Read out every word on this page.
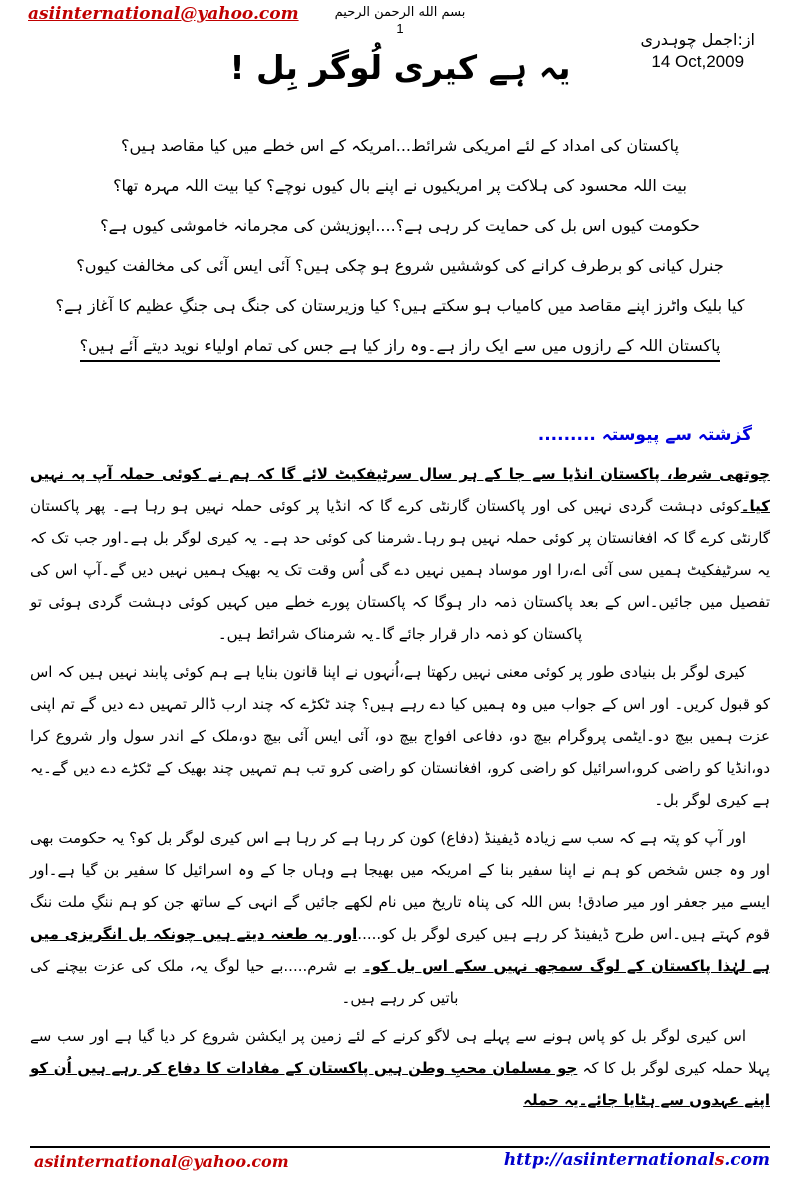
asiinternational@yahoo.com	بسم الله الرحمن الرحيم
1
از:اجمل چوہدری
14 Oct,2009
یہ ہے کیری لُوگر بِل !
پاکستان کی امداد کے لئے امریکی شرائط...امریکہ کے اس خطے میں کیا مقاصد ہیں؟
بیت اللہ محسود کی ہلاکت پر امریکیوں نے اپنے بال کیوں نوچے؟ کیا بیت اللہ مہرہ تھا؟
حکومت کیوں اس بل کی حمایت کر رہی ہے؟....اپوزیشن کی مجرمانہ خاموشی کیوں ہے؟
جنرل کیانی کو برطرف کرانے کی کوششیں شروع ہو چکی ہیں؟ آئی ایس آئی کی مخالفت کیوں؟
کیا بلیک واٹرز اپنے مقاصد میں کامیاب ہو سکتے ہیں؟ کیا وزیرستان کی جنگ ہی جنگِ عظیم کا آغاز ہے؟
پاکستان اللہ کے رازوں میں سے ایک راز ہے۔وہ راز کیا ہے جس کی تمام اولیاء نوید دیتے آئے ہیں؟
گزشتہ سے پیوستہ .........

چوتھی شرط، پاکستان انڈیا سے جا کے ہر سال سرٹیفکیٹ لائے گا کہ ہم نے کوئی حملہ آپ پہ نہیں کیا۔کوئی دہشت گردی نہیں کی اور پاکستان گارنٹی کرے گا کہ انڈیا پر کوئی حملہ نہیں ہو رہا ہے۔ پھر پاکستان گارنٹی کرے گا کہ افغانستان پر کوئی حملہ نہیں ہو رہا۔شرمنا کی کوئی حد ہے۔ یہ کیری لوگر بل ہے۔اور جب تک کہ یہ سرٹیفکیٹ ہمیں سی آئی اے،را اور موساد ہمیں نہیں دے گی اُس وقت تک یہ بھیک ہمیں نہیں دیں گے۔آپ اس کی تفصیل میں جائیں۔اس کے بعد پاکستان ذمہ دار ہوگا کہ پاکستان پورے خطے میں کہیں کوئی دہشت گردی ہوئی تو پاکستان کو ذمہ دار قرار جائے گا۔یہ شرمناک شرائط ہیں۔

کیری لوگر بل بنیادی طور پر کوئی معنی نہیں رکھتا ہے،اُنہوں نے اپنا قانون بنایا ہے ہم کوئی پابند نہیں ہیں کہ اس کو قبول کریں۔ اور اس کے جواب میں وہ ہمیں کیا دے رہے ہیں؟ چند ٹکڑے کہ چند ارب ڈالر تمہیں دے دیں گے تم اپنی عزت ہمیں بیچ دو۔ایٹمی پروگرام بیچ دو، دفاعی افواج بیچ دو، آئی ایس آئی بیچ دو،ملک کے اندر سول وار شروع کرا دو،انڈیا کو راضی کرو،اسرائیل کو راضی کرو، افغانستان کو راضی کرو تب ہم تمہیں چند بھیک کے ٹکڑے دے دیں گے۔یہ ہے کیری لوگر بل۔

اور آپ کو پتہ ہے کہ سب سے زیادہ ڈیفینڈ (دفاع) کون کر رہا ہے کر رہا ہے اس کیری لوگر بل کو؟ یہ حکومت بھی اور وہ جس شخص کو ہم نے اپنا سفیر بنا کے امریکہ میں بھیجا ہے وہاں جا کے وہ اسرائیل کا سفیر بن گیا ہے۔اور ایسے میر جعفر اور میر صادق! بس اللہ کی پناہ تاریخ میں نام لکھے جائیں گے انہی کے ساتھ جن کو ہم ننگِ ملت ننگ قوم کہتے ہیں۔اس طرح ڈیفینڈ کر رہے ہیں کیری لوگر بل کو.....اور یہ طعنہ دیتے ہیں چونکہ بل انگریزی میں ہے لہٰذا پاکستان کے لوگ سمجھ نہیں سکے اس بل کو۔ بے شرم.....بے حیا لوگ یہ، ملک کی عزت بیچنے کی باتیں کر رہے ہیں۔

اس کیری لوگر بل کو پاس ہونے سے پہلے ہی لاگو کرنے کے لئے زمین پر ایکشن شروع کر دیا گیا ہے اور سب سے پہلا حملہ کیری لوگر بل کا کہ جو مسلمان محبِ وطن ہیں پاکستان کے مفادات کا دفاع کر رہے ہیں اُن کو اپنے عہدوں سے ہٹایا جائے۔یہ حملہ

asiinternational@yahoo.com	http://asiinternationals.com
